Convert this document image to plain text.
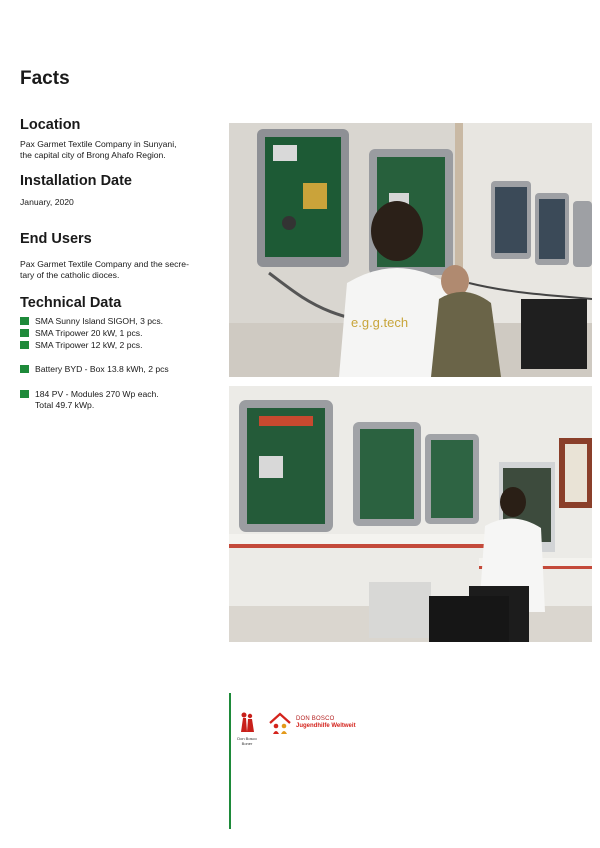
Facts
Location

Pax Garmet Textile Company in Sunyani,

the capital city of Brong Ahafo Region.

Installation Date

January, 2020

End Users

Pax Garmet Textile Company and the secre-

tary of the catholic dioces.

Technical Data
SMA Sunny Island SIGOH, 3 pcs.
SMA Tripower 20 kW, 1 pcs.
SMA Tripower 12 kW, 2 pcs.
Battery BYD - Box 13.8 kWh, 2 pcs
184 PV - Modules 270 Wp each.
Total 49.7 kWp.
e.g.g.tech
Don Bosco
Boner
DON BOSCO
Jugendhilfe Weltweit
